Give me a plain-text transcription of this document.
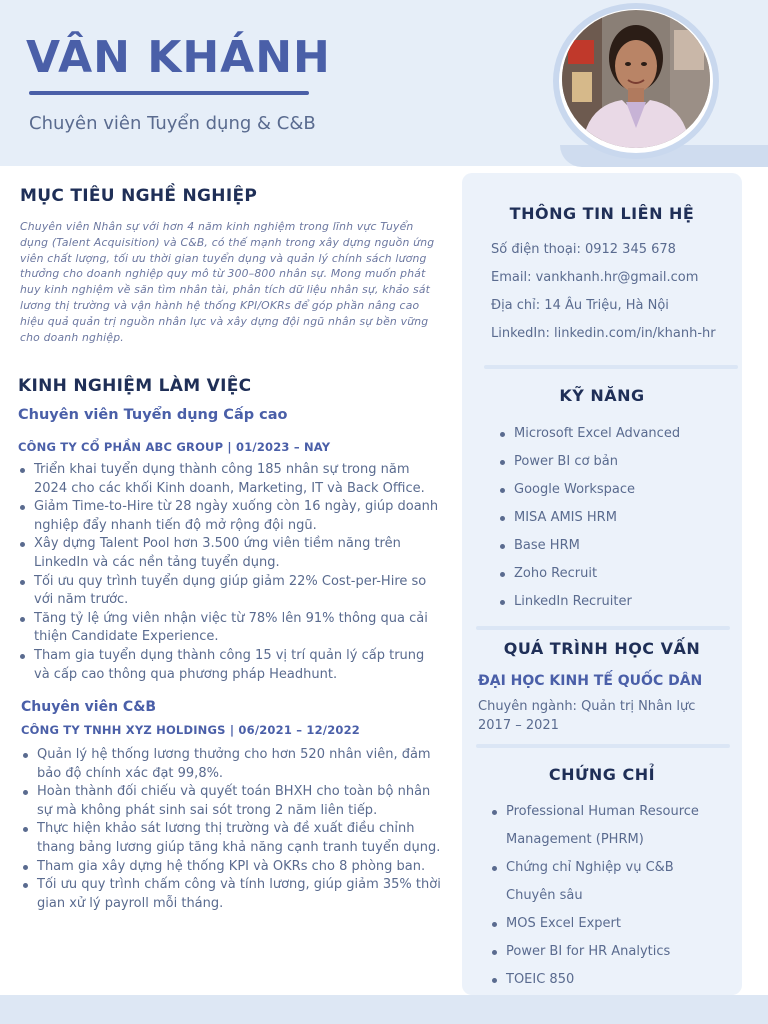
VÂN KHÁNH
Chuyên viên Tuyển dụng & C&B
MỤC TIÊU NGHỀ NGHIỆP
Chuyên viên Nhân sự với hơn 4 năm kinh nghiệm trong lĩnh vực Tuyển dụng (Talent Acquisition) và C&B, có thế mạnh trong xây dựng nguồn ứng viên chất lượng, tối ưu thời gian tuyển dụng và quản lý chính sách lương thưởng cho doanh nghiệp quy mô từ 300–800 nhân sự. Mong muốn phát huy kinh nghiệm về săn tìm nhân tài, phân tích dữ liệu nhân sự, khảo sát lương thị trường và vận hành hệ thống KPI/OKRs để góp phần nâng cao hiệu quả quản trị nguồn nhân lực và xây dựng đội ngũ nhân sự bền vững cho doanh nghiệp.
KINH NGHIỆM LÀM VIỆC
Chuyên viên Tuyển dụng Cấp cao
CÔNG TY CỔ PHẦN ABC GROUP | 01/2023 – NAY
Triển khai tuyển dụng thành công 185 nhân sự trong năm 2024 cho các khối Kinh doanh, Marketing, IT và Back Office.
Giảm Time-to-Hire từ 28 ngày xuống còn 16 ngày, giúp doanh nghiệp đẩy nhanh tiến độ mở rộng đội ngũ.
Xây dựng Talent Pool hơn 3.500 ứng viên tiềm năng trên LinkedIn và các nền tảng tuyển dụng.
Tối ưu quy trình tuyển dụng giúp giảm 22% Cost-per-Hire so với năm trước.
Tăng tỷ lệ ứng viên nhận việc từ 78% lên 91% thông qua cải thiện Candidate Experience.
Tham gia tuyển dụng thành công 15 vị trí quản lý cấp trung và cấp cao thông qua phương pháp Headhunt.
Chuyên viên C&B
CÔNG TY TNHH XYZ HOLDINGS | 06/2021 – 12/2022
Quản lý hệ thống lương thưởng cho hơn 520 nhân viên, đảm bảo độ chính xác đạt 99,8%.
Hoàn thành đối chiếu và quyết toán BHXH cho toàn bộ nhân sự mà không phát sinh sai sót trong 2 năm liên tiếp.
Thực hiện khảo sát lương thị trường và đề xuất điều chỉnh thang bảng lương giúp tăng khả năng cạnh tranh tuyển dụng.
Tham gia xây dựng hệ thống KPI và OKRs cho 8 phòng ban.
Tối ưu quy trình chấm công và tính lương, giúp giảm 35% thời gian xử lý payroll mỗi tháng.
THÔNG TIN LIÊN HỆ
Số điện thoại: 0912 345 678
Email: vankhanh.hr@gmail.com
Địa chỉ: 14 Âu Triệu, Hà Nội
LinkedIn: linkedin.com/in/khanh-hr
KỸ NĂNG
Microsoft Excel Advanced
Power BI cơ bản
Google Workspace
MISA AMIS HRM
Base HRM
Zoho Recruit
LinkedIn Recruiter
QUÁ TRÌNH HỌC VẤN
ĐẠI HỌC KINH TẾ QUỐC DÂN
Chuyên ngành: Quản trị Nhân lực 2017 – 2021
CHỨNG CHỈ
Professional Human Resource Management (PHRM)
Chứng chỉ Nghiệp vụ C&B Chuyên sâu
MOS Excel Expert
Power BI for HR Analytics
TOEIC 850
